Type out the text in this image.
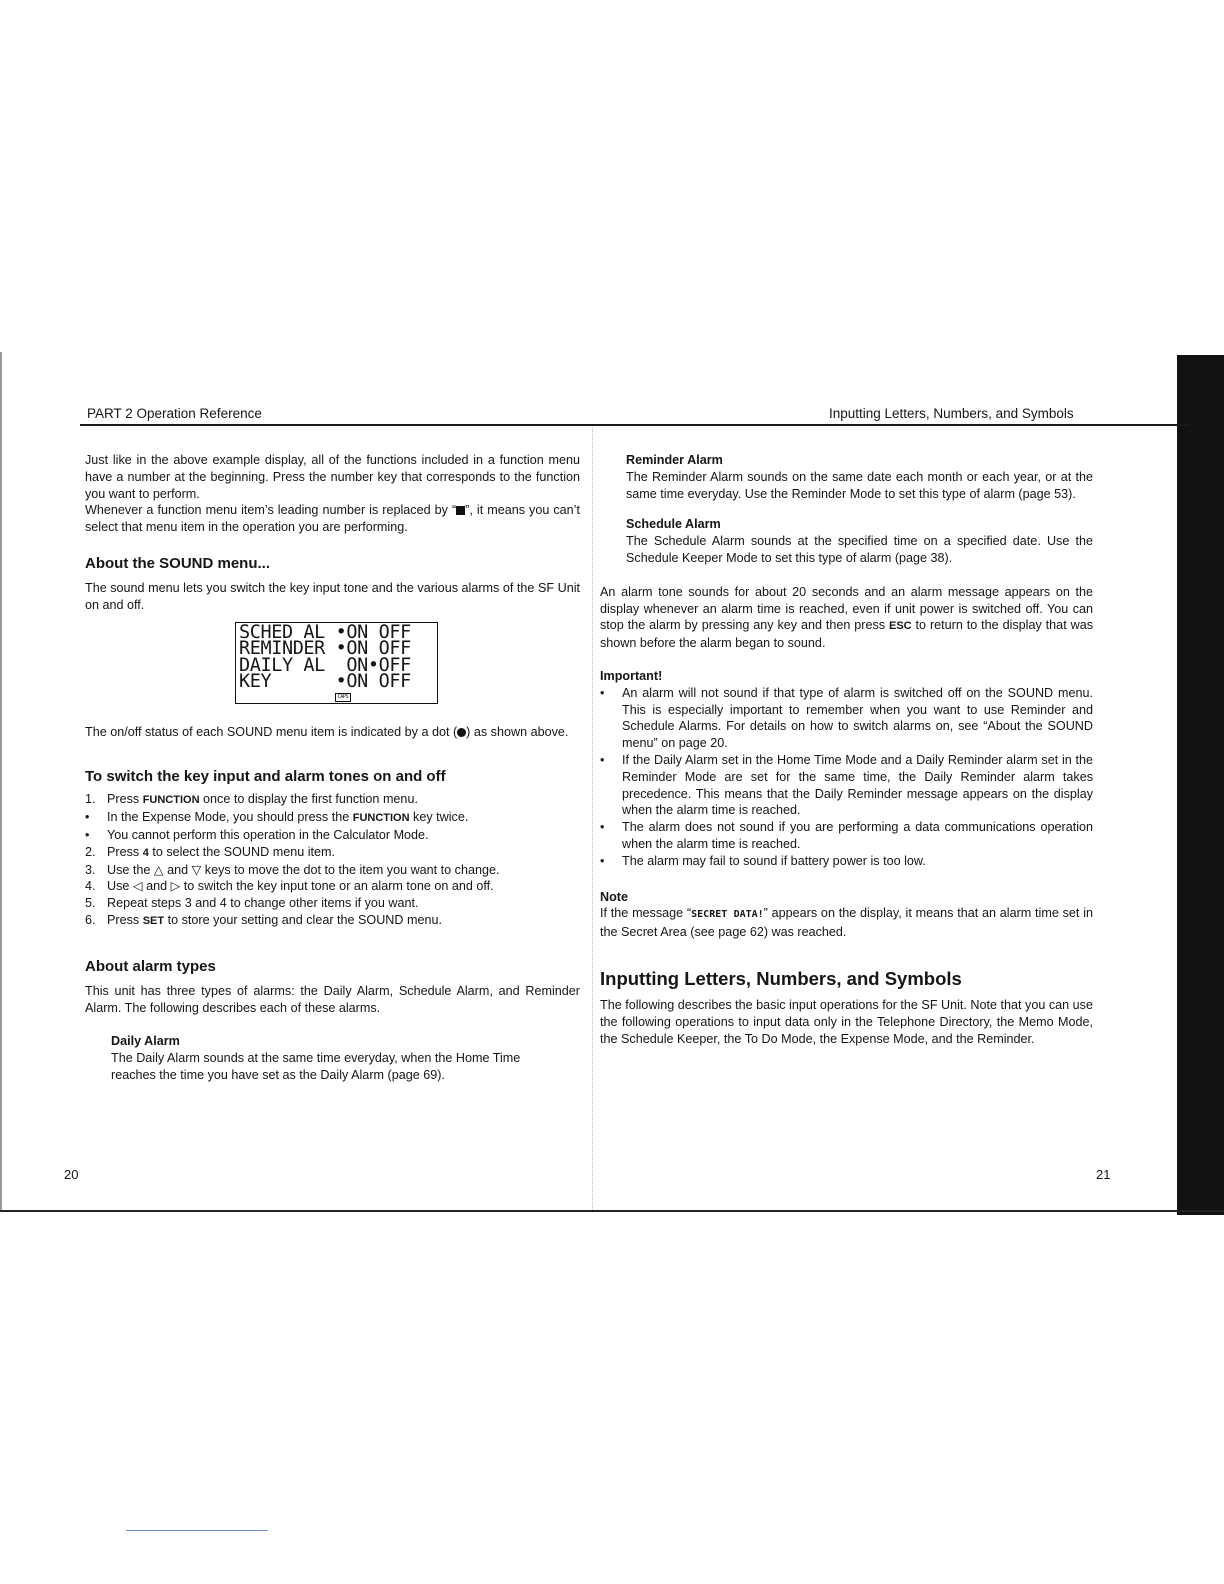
PART 2 Operation Reference	Inputting Letters, Numbers, and Symbols

Just like in the above example display, all of the functions included in a function menu have a number at the beginning. Press the number key that corresponds to the function you want to perform.

Whenever a function menu item’s leading number is replaced by “ ”, it means you can’t select that menu item in the operation you are performing.

About the SOUND menu...

The sound menu lets you switch the key input tone and the various alarms of the SF Unit on and off.

SCHED AL •ON OFF
REMINDER •ON OFF
DAILY AL  ON•OFF
KEY      •ON OFF
CAPS

The on/off status of each SOUND menu item is indicated by a dot ( ) as shown above.

To switch the key input and alarm tones on and off
1. Press FUNCTION once to display the first function menu.
•	In the Expense Mode, you should press the FUNCTION key twice.
•	You cannot perform this operation in the Calculator Mode.
2. Press 4 to select the SOUND menu item.
3. Use the △ and ▽ keys to move the dot to the item you want to change.
4. Use ◁ and ▷ to switch the key input tone or an alarm tone on and off.
5. Repeat steps 3 and 4 to change other items if you want.
6. Press SET to store your setting and clear the SOUND menu.
About alarm types

This unit has three types of alarms: the Daily Alarm, Schedule Alarm, and Reminder Alarm. The following describes each of these alarms.

Daily Alarm

The Daily Alarm sounds at the same time everyday, when the Home Time reaches the time you have set as the Daily Alarm (page 69).

Reminder Alarm

The Reminder Alarm sounds on the same date each month or each year, or at the same time everyday. Use the Reminder Mode to set this type of alarm (page 53).

Schedule Alarm

The Schedule Alarm sounds at the specified time on a specified date. Use the Schedule Keeper Mode to set this type of alarm (page 38).

An alarm tone sounds for about 20 seconds and an alarm message appears on the display whenever an alarm time is reached, even if unit power is switched off. You can stop the alarm by pressing any key and then press ESC to return to the display that was shown before the alarm began to sound.

Important!

•	An alarm will not sound if that type of alarm is switched off on the SOUND menu. This is especially important to remember when you want to use Reminder and Schedule Alarms. For details on how to switch alarms on, see “About the SOUND menu” on page 20.
•	If the Daily Alarm set in the Home Time Mode and a Daily Reminder alarm set in the Reminder Mode are set for the same time, the Daily Reminder alarm takes precedence. This means that the Daily Reminder message appears on the display when the alarm time is reached.
•	The alarm does not sound if you are performing a data communications operation when the alarm time is reached.
•	The alarm may fail to sound if battery power is too low.

Note

If the message “SECRET DATA!” appears on the display, it means that an alarm time set in the Secret Area (see page 62) was reached.

Inputting Letters, Numbers, and Symbols

The following describes the basic input operations for the SF Unit. Note that you can use the following operations to input data only in the Telephone Directory, the Memo Mode, the Schedule Keeper, the To Do Mode, the Expense Mode, and the Reminder.

20	21
